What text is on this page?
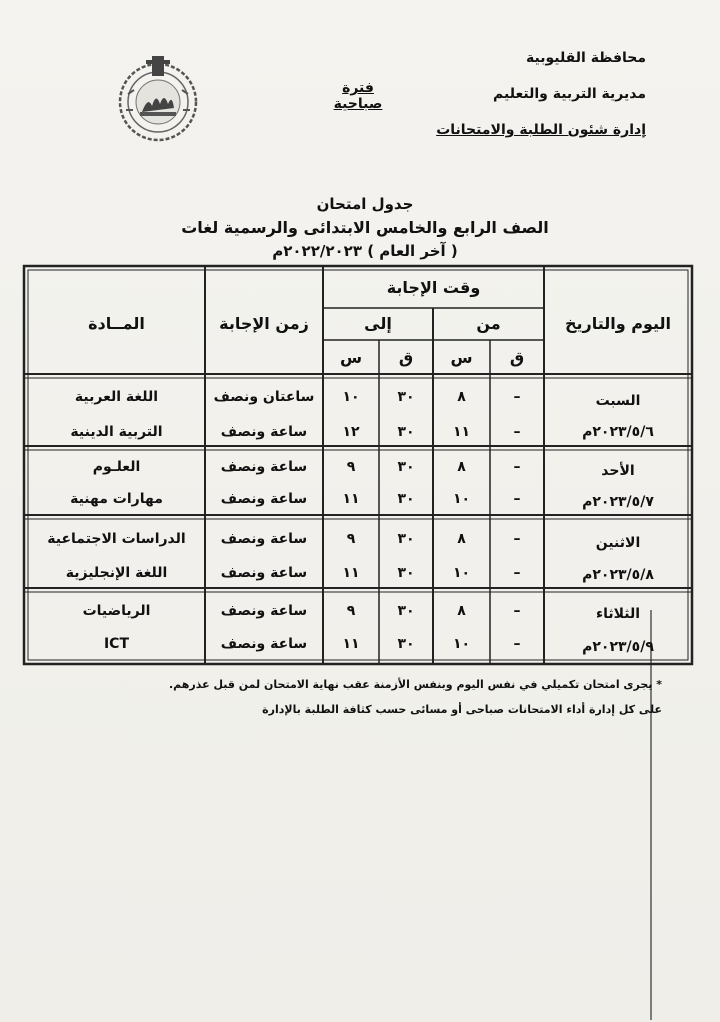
محافظة القليوبية
مديرية التربية والتعليم
إدارة شئون الطلبة والامتحانات
فترة صباحية
جدول امتحان
الصف الرابع والخامس الابتدائى والرسمية لغات
( آخر العام ) ٢٠٢٢/٢٠٢٣م
اليوم والتاريخ
وقت الإجابة
من
إلى
زمن الإجابة
المــادة
ق
س
ق
س
السبت
٢٠٢٣/٥/٦م
–
٨
٣٠
١٠
ساعتان ونصف
اللغة العربية
–
١١
٣٠
١٢
ساعة ونصف
التربية الدينية
الأحد
٢٠٢٣/٥/٧م
–
٨
٣٠
٩
ساعة ونصف
العلـوم
–
١٠
٣٠
١١
ساعة ونصف
مهارات مهنية
الاثنين
٢٠٢٣/٥/٨م
–
٨
٣٠
٩
ساعة ونصف
الدراسات الاجتماعية
–
١٠
٣٠
١١
ساعة ونصف
اللغة الإنجليزية
الثلاثاء
٢٠٢٣/٥/٩م
–
٨
٣٠
٩
ساعة ونصف
الرياضيات
–
١٠
٣٠
١١
ساعة ونصف
ICT
* يجرى امتحان تكميلي في نفس اليوم وبنفس الأزمنة عقب نهاية الامتحان لمن قبل عذرهم.
على كل إدارة أداء الامتحانات صباحى أو مسائى حسب كثافة الطلبة بالإدارة
